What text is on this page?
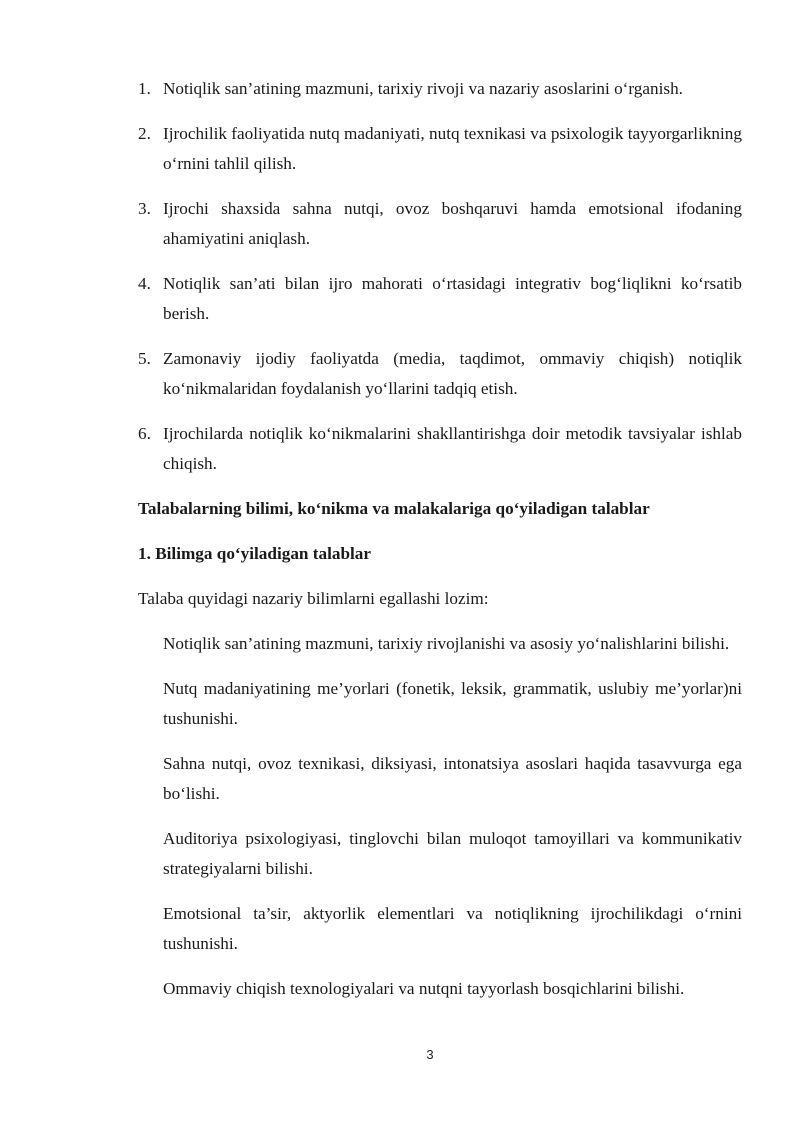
1. Notiqlik san’atining mazmuni, tarixiy rivoji va nazariy asoslarini o‘rganish.
2. Ijrochilik faoliyatida nutq madaniyati, nutq texnikasi va psixologik tayyorgarlikning o‘rnini tahlil qilish.
3. Ijrochi shaxsida sahna nutqi, ovoz boshqaruvi hamda emotsional ifodaning ahamiyatini aniqlash.
4. Notiqlik san’ati bilan ijro mahorati o‘rtasidagi integrativ bog‘liqlikni ko‘rsatib berish.
5. Zamonaviy ijodiy faoliyatda (media, taqdimot, ommaviy chiqish) notiqlik ko‘nikmalaridan foydalanish yo‘llarini tadqiq etish.
6. Ijrochilarda notiqlik ko‘nikmalarini shakllantirishga doir metodik tavsiyalar ishlab chiqish.

Talabalarning bilimi, ko‘nikma va malakalariga qo‘yiladigan talablar

1. Bilimga qo‘yiladigan talablar

Talaba quyidagi nazariy bilimlarni egallashi lozim:

Notiqlik san’atining mazmuni, tarixiy rivojlanishi va asosiy yo‘nalishlarini bilishi.
Nutq madaniyatining me’yorlari (fonetik, leksik, grammatik, uslubiy me’yorlar)ni tushunishi.
Sahna nutqi, ovoz texnikasi, diksiyasi, intonatsiya asoslari haqida tasavvurga ega bo‘lishi.
Auditoriya psixologiyasi, tinglovchi bilan muloqot tamoyillari va kommunikativ strategiyalarni bilishi.
Emotsional ta’sir, aktyorlik elementlari va notiqlikning ijrochilikdagi o‘rnini tushunishi.
Ommaviy chiqish texnologiyalari va nutqni tayyorlash bosqichlarini bilishi.
3
